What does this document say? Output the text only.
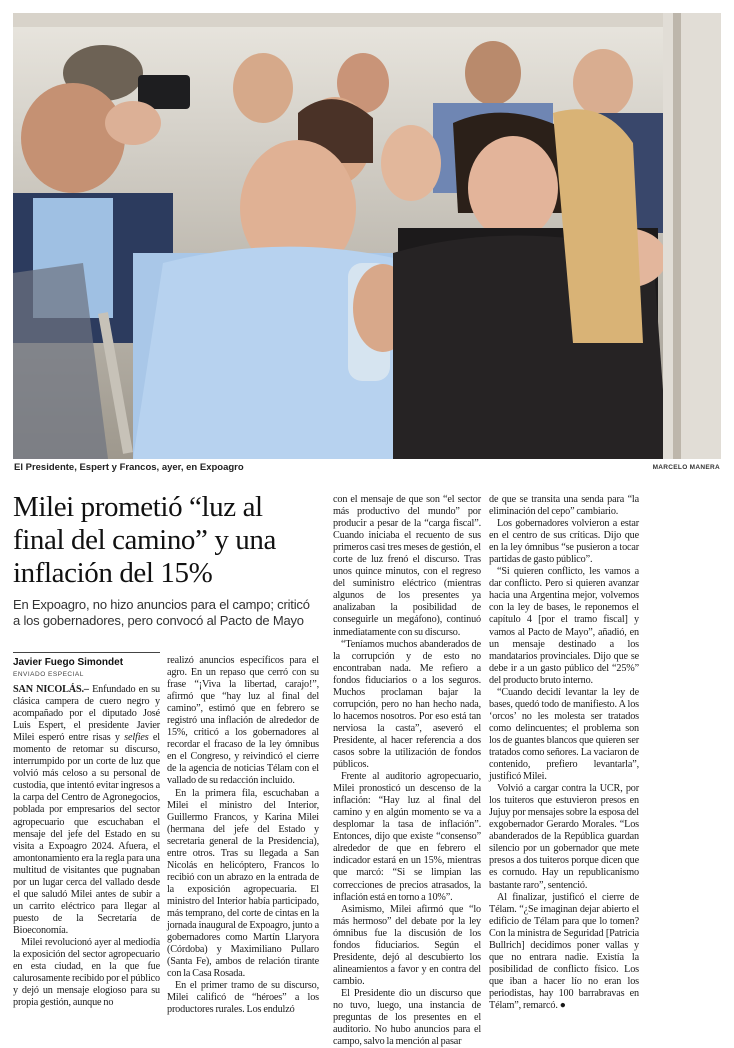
El Presidente, Espert y Francos, ayer, en Expoagro	MARCELO MANERA
Milei prometió “luz al final del camino” y una inflación del 15%

En Expoagro, no hizo anuncios para el campo; criticó a los gobernadores, pero convocó al Pacto de Mayo

Javier Fuego Simondet
ENVIADO ESPECIAL

SAN NICOLÁS.– Enfundado en su clásica campera de cuero negro y acompañado por el diputado José Luis Espert, el presidente Javier Milei esperó entre risas y selfies el momento de retomar su discurso, interrumpido por un corte de luz que volvió más celoso a su personal de custodia, que intentó evitar ingresos a la carpa del Centro de Agronegocios, poblada por empresarios del sector agropecuario que escuchaban el mensaje del jefe del Estado en su visita a Expoagro 2024. Afuera, el amontonamiento era la regla para una multitud de visitantes que pugnaban por un lugar cerca del vallado desde el que saludó Milei antes de subir a un carrito eléctrico para llegar al puesto de la Secretaría de Bioeconomía.

Milei revolucionó ayer al mediodía la exposición del sector agropecuario en esta ciudad, en la que fue calurosamente recibido por el público y dejó un mensaje elogioso para su propia gestión, aunque no

realizó anuncios específicos para el agro. En un repaso que cerró con su frase “¡Viva la libertad, carajo!”, afirmó que “hay luz al final del camino”, estimó que en febrero se registró una inflación de alrededor de 15%, criticó a los gobernadores al recordar el fracaso de la ley ómnibus en el Congreso, y reivindicó el cierre de la agencia de noticias Télam con el vallado de su redacción incluido.

En la primera fila, escuchaban a Milei el ministro del Interior, Guillermo Francos, y Karina Milei (hermana del jefe del Estado y secretaria general de la Presidencia), entre otros. Tras su llegada a San Nicolás en helicóptero, Francos lo recibió con un abrazo en la entrada de la exposición agropecuaria. El ministro del Interior había participado, más temprano, del corte de cintas en la jornada inaugural de Expoagro, junto a gobernadores como Martín Llaryora (Córdoba) y Maximiliano Pullaro (Santa Fe), ambos de relación tirante con la Casa Rosada.

En el primer tramo de su discurso, Milei calificó de “héroes” a los productores rurales. Los endulzó

con el mensaje de que son “el sector más productivo del mundo” por producir a pesar de la “carga fiscal”. Cuando iniciaba el recuento de sus primeros casi tres meses de gestión, el corte de luz frenó el discurso. Tras unos quince minutos, con el regreso del suministro eléctrico (mientras algunos de los presentes ya analizaban la posibilidad de conseguirle un megáfono), continuó inmediatamente con su discurso.

“Teníamos muchos abanderados de la corrupción y de esto no encontraban nada. Me refiero a fondos fiduciarios o a los seguros. Muchos proclaman bajar la corrupción, pero no han hecho nada, lo hacemos nosotros. Por eso está tan nerviosa la casta”, aseveró el Presidente, al hacer referencia a dos casos sobre la utilización de fondos públicos.

Frente al auditorio agropecuario, Milei pronosticó un descenso de la inflación: “Hay luz al final del camino y en algún momento se va a desplomar la tasa de inflación”. Entonces, dijo que existe “consenso” alrededor de que en febrero el indicador estará en un 15%, mientras que marcó: “Si se limpian las correcciones de precios atrasados, la inflación está en torno a 10%”.

Asimismo, Milei afirmó que “lo más hermoso” del debate por la ley ómnibus fue la discusión de los fondos fiduciarios. Según el Presidente, dejó al descubierto los alineamientos a favor y en contra del cambio.

El Presidente dio un discurso que no tuvo, luego, una instancia de preguntas de los presentes en el auditorio. No hubo anuncios para el campo, salvo la mención al pasar

de que se transita una senda para “la eliminación del cepo” cambiario.

Los gobernadores volvieron a estar en el centro de sus críticas. Dijo que en la ley ómnibus “se pusieron a tocar partidas de gasto público”.

“Si quieren conflicto, les vamos a dar conflicto. Pero si quieren avanzar hacia una Argentina mejor, volvemos con la ley de bases, le reponemos el capítulo 4 [por el tramo fiscal] y vamos al Pacto de Mayo”, añadió, en un mensaje destinado a los mandatarios provinciales. Dijo que se debe ir a un gasto público del “25%” del producto bruto interno.

“Cuando decidí levantar la ley de bases, quedó todo de manifiesto. A los ‘orcos’ no les molesta ser tratados como delincuentes; el problema son los de guantes blancos que quieren ser tratados como señores. La vaciaron de contenido, prefiero levantarla”, justificó Milei.

Volvió a cargar contra la UCR, por los tuiteros que estuvieron presos en Jujuy por mensajes sobre la esposa del exgobernador Gerardo Morales. “Los abanderados de la República guardan silencio por un gobernador que mete presos a dos tuiteros porque dicen que es cornudo. Hay un republicanismo bastante raro”, sentenció.

Al finalizar, justificó el cierre de Télam. “¿Se imaginan dejar abierto el edificio de Télam para que lo tomen? Con la ministra de Seguridad [Patricia Bullrich] decidimos poner vallas y que no entrara nadie. Existía la posibilidad de conflicto físico. Los que iban a hacer lío no eran los periodistas, hay 100 barrabravas en Télam”, remarcó. ●
